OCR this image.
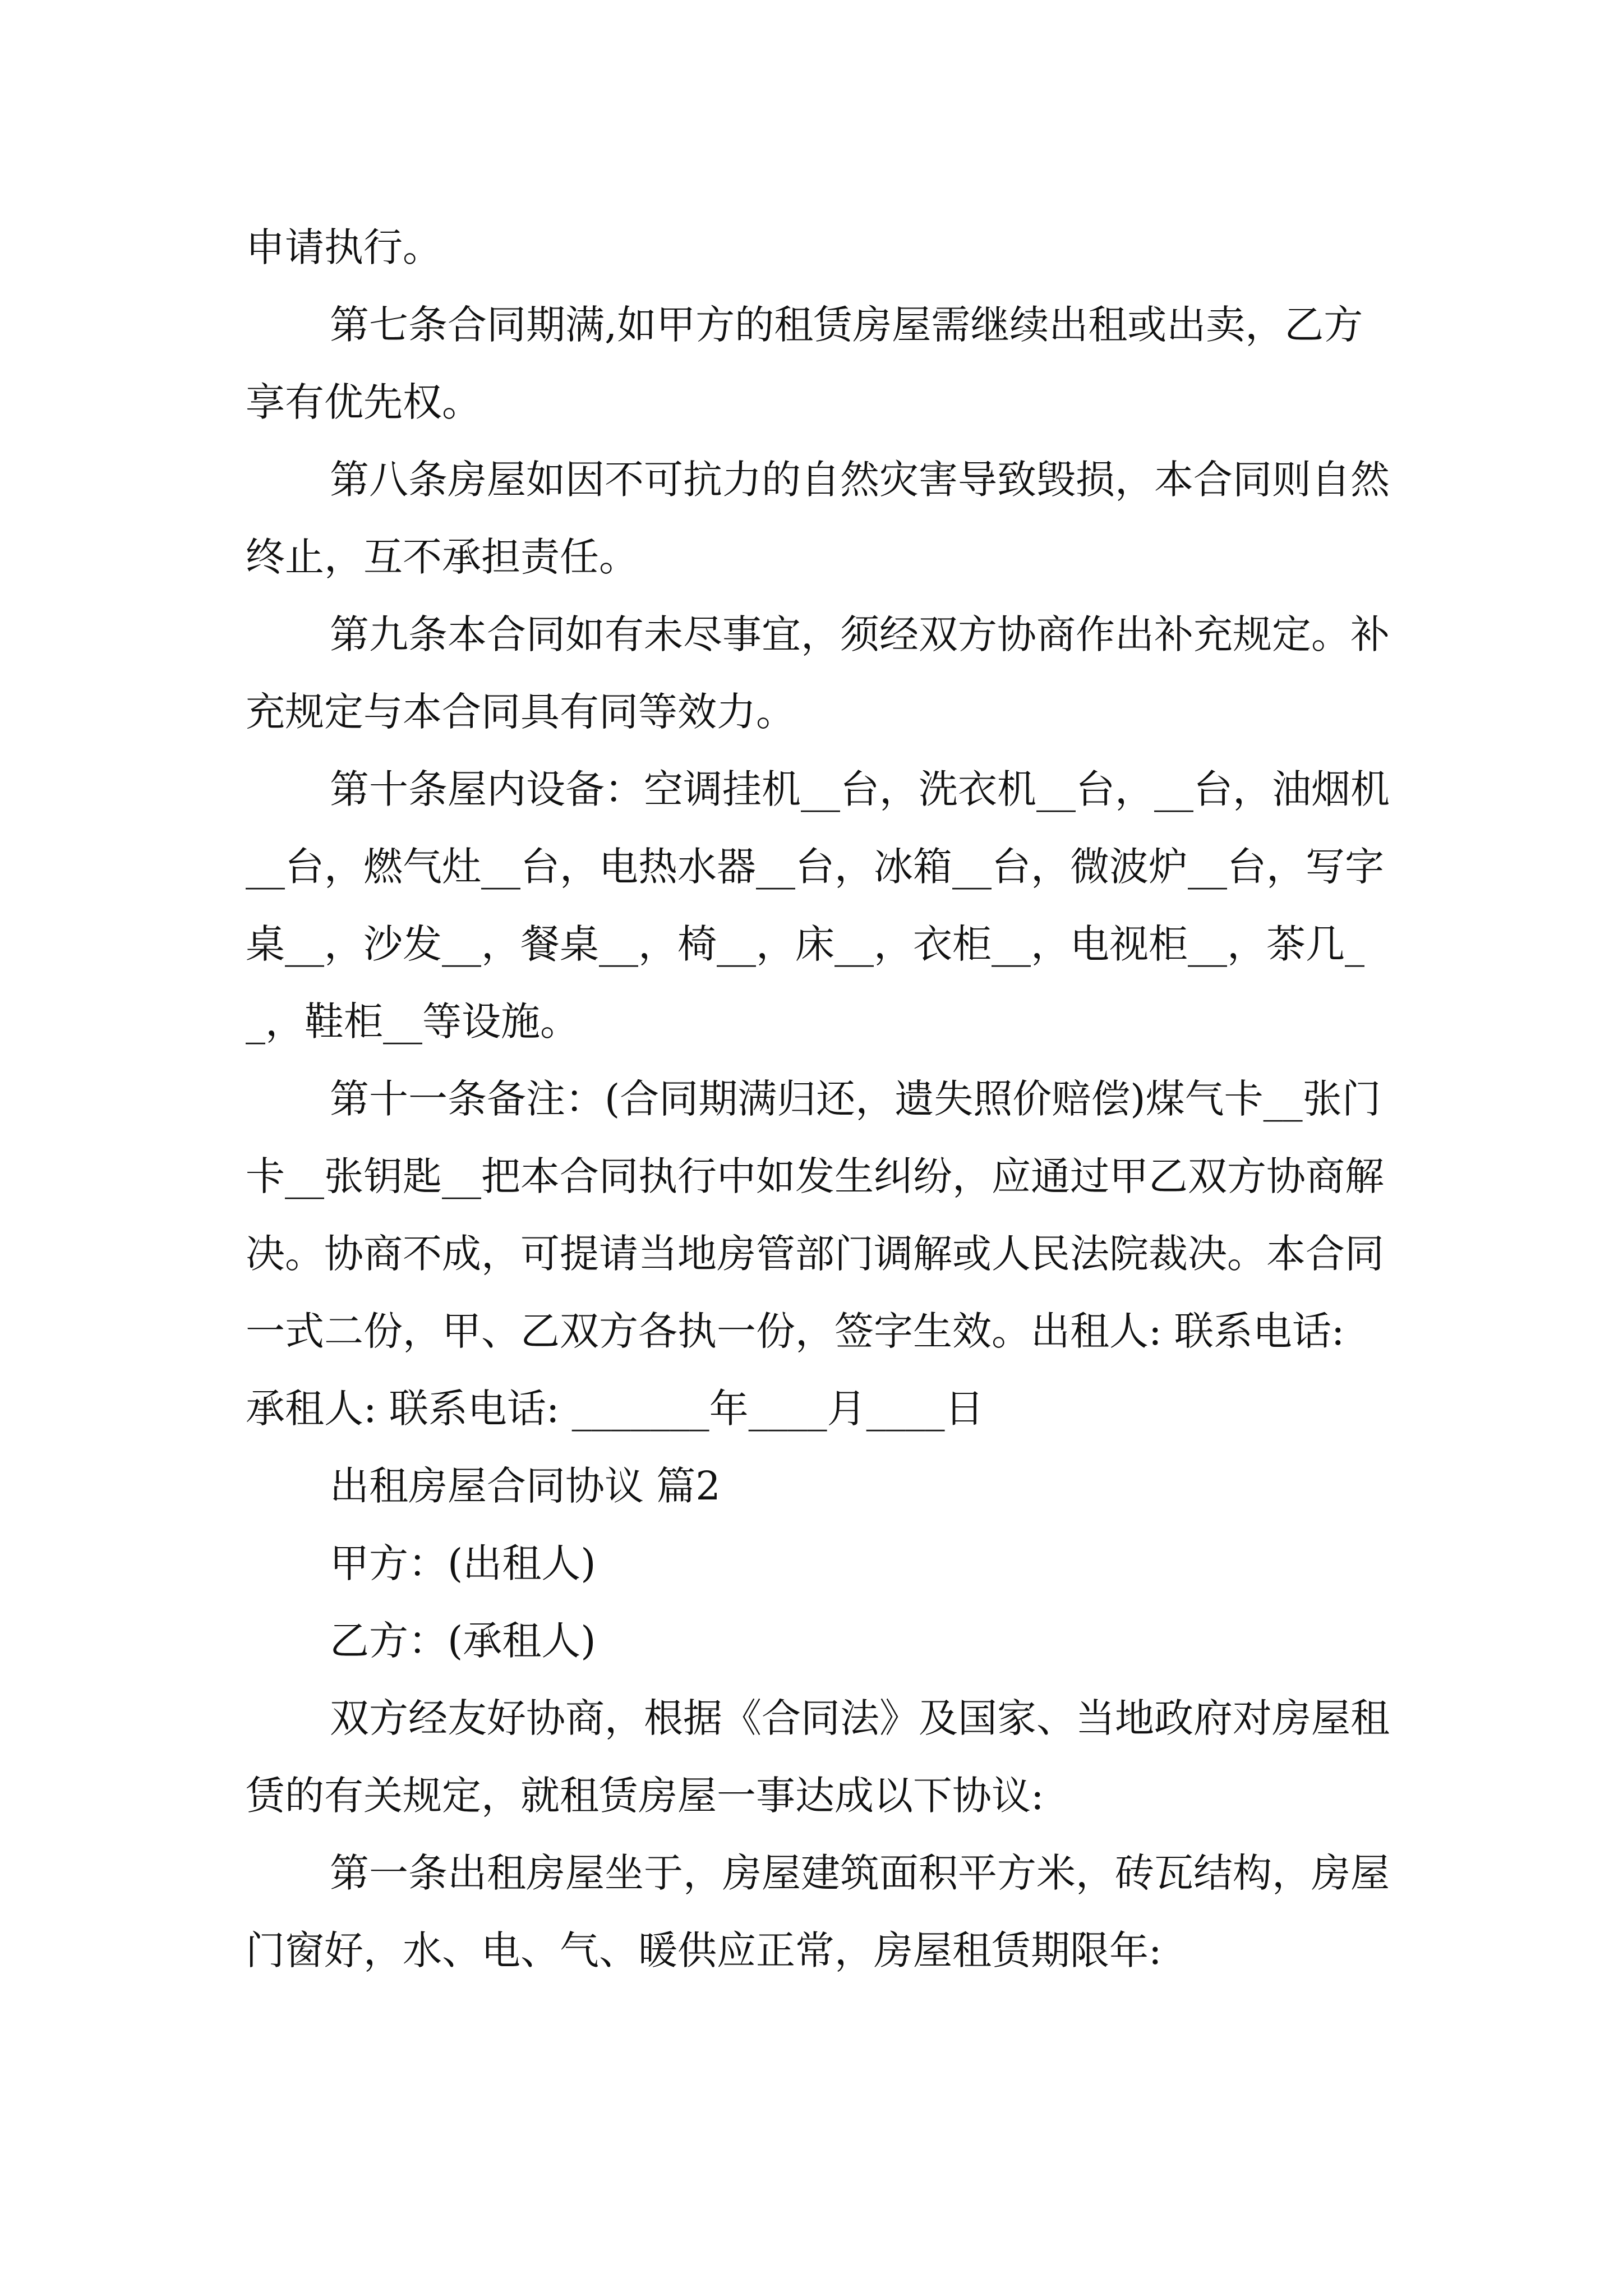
申请执行。

第七条合同期满,如甲方的租赁房屋需继续出租或出卖，乙方享有优先权。

第八条房屋如因不可抗力的自然灾害导致毁损，本合同则自然终止，互不承担责任。

第九条本合同如有未尽事宜，须经双方协商作出补充规定。补充规定与本合同具有同等效力。

第十条屋内设备：空调挂机__台，洗衣机__台，__台，油烟机__台，燃气灶__台，电热水器__台，冰箱__台，微波炉__台，写字桌__，沙发__，餐桌__，椅__，床__，衣柜__，电视柜__，茶几__，鞋柜__等设施。

第十一条备注：(合同期满归还，遗失照价赔偿)煤气卡__张门卡__张钥匙__把本合同执行中如发生纠纷，应通过甲乙双方协商解决。协商不成，可提请当地房管部门调解或人民法院裁决。本合同一式二份，甲、乙双方各执一份，签字生效。出租人: 联系电话: 承租人: 联系电话: _______年____月____日

出租房屋合同协议 篇2

甲方：(出租人)

乙方：(承租人)

双方经友好协商，根据《合同法》及国家、当地政府对房屋租赁的有关规定，就租赁房屋一事达成以下协议:

第一条出租房屋坐于，房屋建筑面积平方米，砖瓦结构，房屋门窗好，水、电、气、暖供应正常，房屋租赁期限年:
